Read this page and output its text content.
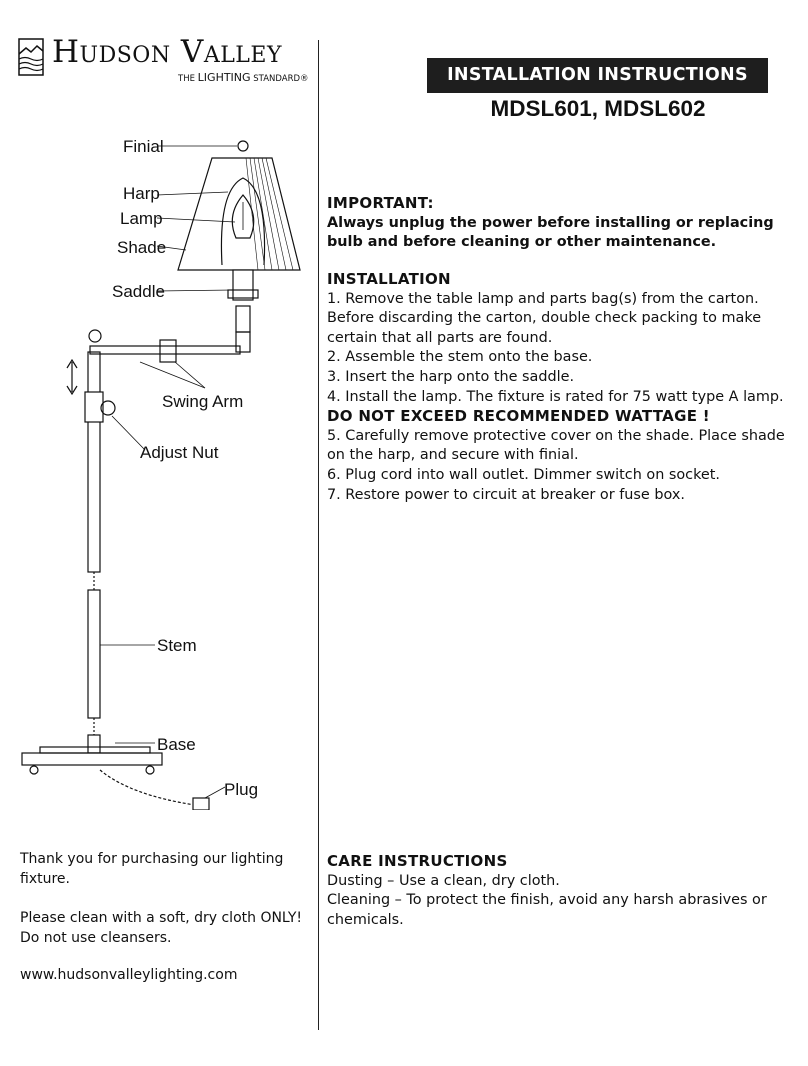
Hudson Valley
THE LIGHTING STANDARD®	INSTALLATION INSTRUCTIONS
MDSL601, MDSL602
Finial
Harp
Lamp
Shade
Saddle
Swing Arm
Adjust Nut
Stem
Base
Plug

IMPORTANT:

Always unplug the power before installing or replacing bulb and before cleaning or other maintenance.

INSTALLATION

1. Remove the table lamp and parts bag(s) from the carton. Before discarding the carton, double check packing to make certain that all parts are found.

2. Assemble the stem onto the base.

3. Insert the harp onto the saddle.

4. Install the lamp. The fixture is rated for 75 watt type A lamp.

DO NOT EXCEED RECOMMENDED WATTAGE !

5. Carefully remove protective cover on the shade. Place shade on the harp, and secure with finial.

6. Plug cord into wall outlet. Dimmer switch on socket.

7. Restore power to circuit at breaker or fuse box.

CARE INSTRUCTIONS

Dusting – Use a clean, dry cloth.

Cleaning – To protect the finish, avoid any harsh abrasives or chemicals.

Thank you for purchasing our lighting fixture.
Please clean with a soft, dry cloth ONLY! Do not use cleansers.
www.hudsonvalleylighting.com
